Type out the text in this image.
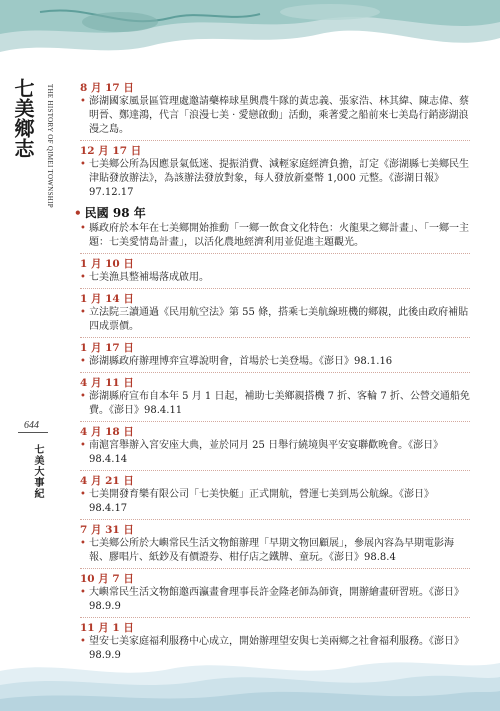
七美鄉志	THE HISTORY OF QIMEI TOWNSHIP
644
七美大事紀
8 月 17 日
• 澎湖國家風景區管理處邀請藥棒球星興農牛隊的黃忠義、張家浩、林其緯、陳志偉、蔡明晉、鄭達鴻，代言「浪漫七美 · 愛戀啟動」活動，乘著愛之船前來七美島行銷澎湖浪漫之島。
12 月 17 日
• 七美鄉公所為因應景氣低迷、提振消費、減輕家庭經濟負擔，訂定《澎湖縣七美鄉民生津貼發放辦法》，為該辦法發放對象，每人發放新臺幣 1,000 元整。《澎湖日報》97.12.17
• 民國 98 年
• 縣政府於本年在七美鄉開始推動「一鄉一飲食文化特色：火龍果之鄉計畫」、「一鄉一主題：七美愛情島計畫」，以活化農地經濟利用並促進主題觀光。
1 月 10 日
• 七美漁具整補場落成啟用。
1 月 14 日
• 立法院三讀通過《民用航空法》第 55 條，搭乘七美航線班機的鄉親，此後由政府補貼四成票價。
1 月 17 日
• 澎湖縣政府辦理博弈宣導說明會，首場於七美登場。《澎日》98.1.16
4 月 11 日
• 澎湖縣府宣布自本年 5 月 1 日起，補助七美鄉親搭機 7 折、客輪 7 折、公營交通船免費。《澎日》98.4.11
4 月 18 日
• 南滬宮舉辦入宮安座大典，並於同月 25 日舉行繞境與平安宴聯歡晚會。《澎日》98.4.14
4 月 21 日
• 七美開發育樂有限公司「七美快艇」正式開航，營運七美到馬公航線。《澎日》98.4.17
7 月 31 日
• 七美鄉公所於大嶼常民生活文物館辦理「早期文物回顧展」，參展內容為早期電影海報、膠唱片、紙鈔及有價證券、柑仔店之鐵牌、童玩。《澎日》98.8.4
10 月 7 日
• 大嶼常民生活文物館邀西瀛畫會理事長許金隆老師為師資，開辦繪畫研習班。《澎日》98.9.9
11 月 1 日
• 望安七美家庭福利服務中心成立，開始辦理望安與七美兩鄉之社會福利服務。《澎日》98.9.9
